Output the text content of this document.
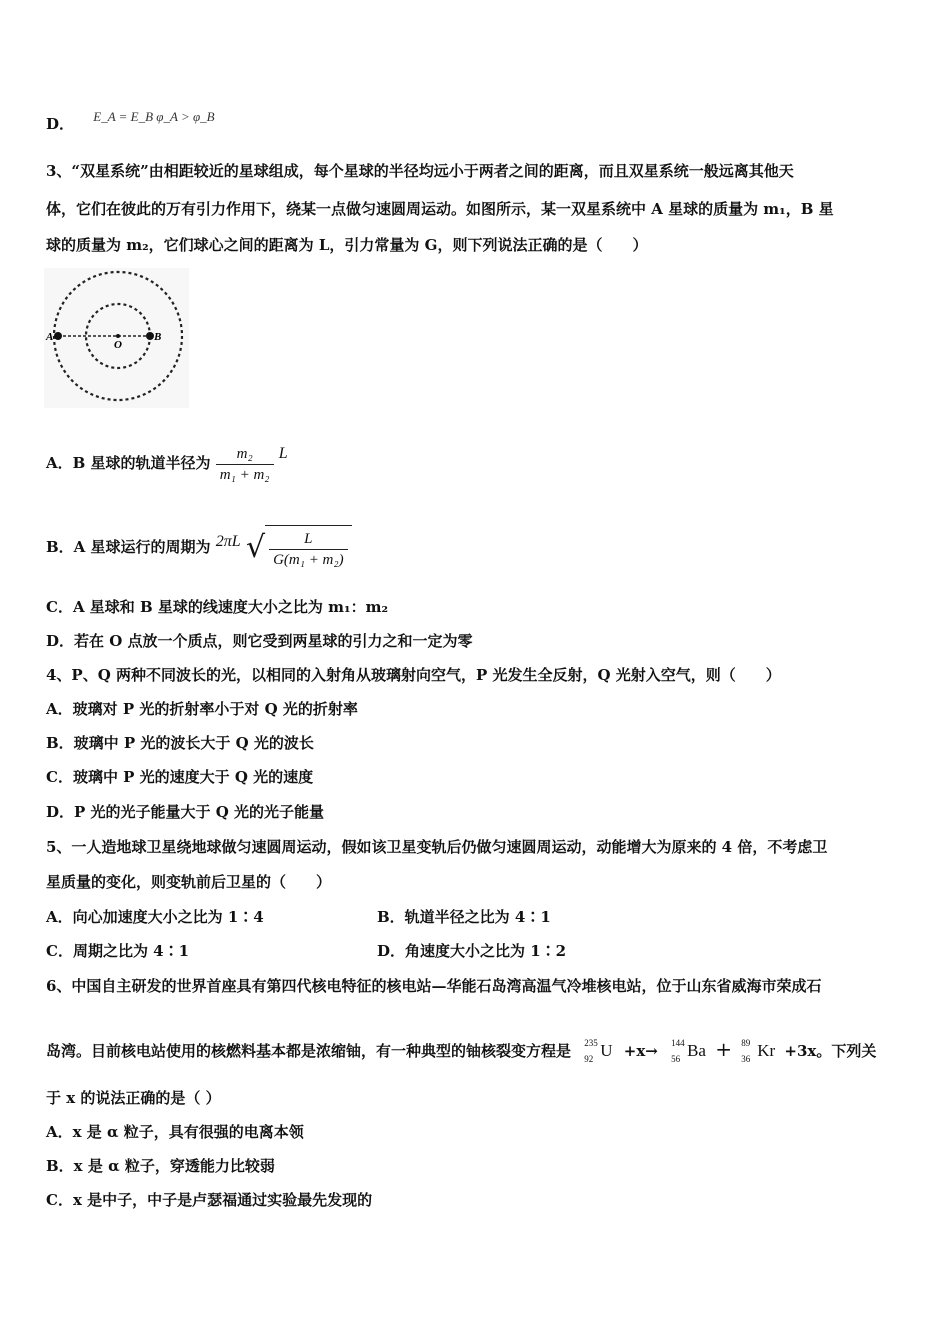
D． E_A = E_B φ_A > φ_B
3、“双星系统”由相距较近的星球组成，每个星球的半径均远小于两者之间的距离，而且双星系统一般远离其他天
体，它们在彼此的万有引力作用下，绕某一点做匀速圆周运动。如图所示，某一双星系统中 A 星球的质量为 m₁，B 星
球的质量为 m₂，它们球心之间的距离为 L，引力常量为 G，则下列说法正确的是（　　）
A
O
B
A．B 星球的轨道半径为 $\frac{\text{m₂}}{\text{m₁ + m₂}}$ L
B．A 星球运行的周期为 2πL √ $\frac{L}{\text{G(m₁ + m₂)}}$
C．A 星球和 B 星球的线速度大小之比为 m₁：m₂
D．若在 O 点放一个质点，则它受到两星球的引力之和一定为零
4、P、Q 两种不同波长的光，以相同的入射角从玻璃射向空气，P 光发生全反射，Q 光射入空气，则（　　）
A．玻璃对 P 光的折射率小于对 Q 光的折射率
B．玻璃中 P 光的波长大于 Q 光的波长
C．玻璃中 P 光的速度大于 Q 光的速度
D．P 光的光子能量大于 Q 光的光子能量
5、一人造地球卫星绕地球做匀速圆周运动，假如该卫星变轨后仍做匀速圆周运动，动能增大为原来的 4 倍，不考虑卫
星质量的变化，则变轨前后卫星的（　　）
A．向心加速度大小之比为 1∶4	B．轨道半径之比为 4∶1
C．周期之比为 4∶1	D．角速度大小之比为 1∶2
6、中国自主研发的世界首座具有第四代核电特征的核电站—华能石岛湾高温气冷堆核电站，位于山东省威海市荣成石
岛湾。目前核电站使用的核燃料基本都是浓缩铀，有一种典型的铀核裂变方程是 235
92 U +x→ 144
56 Ba + 89
36 Kr +3x。下列关
于 x 的说法正确的是（ ）
A．x 是 α 粒子，具有很强的电离本领
B．x 是 α 粒子，穿透能力比较弱
C．x 是中子，中子是卢瑟福通过实验最先发现的
